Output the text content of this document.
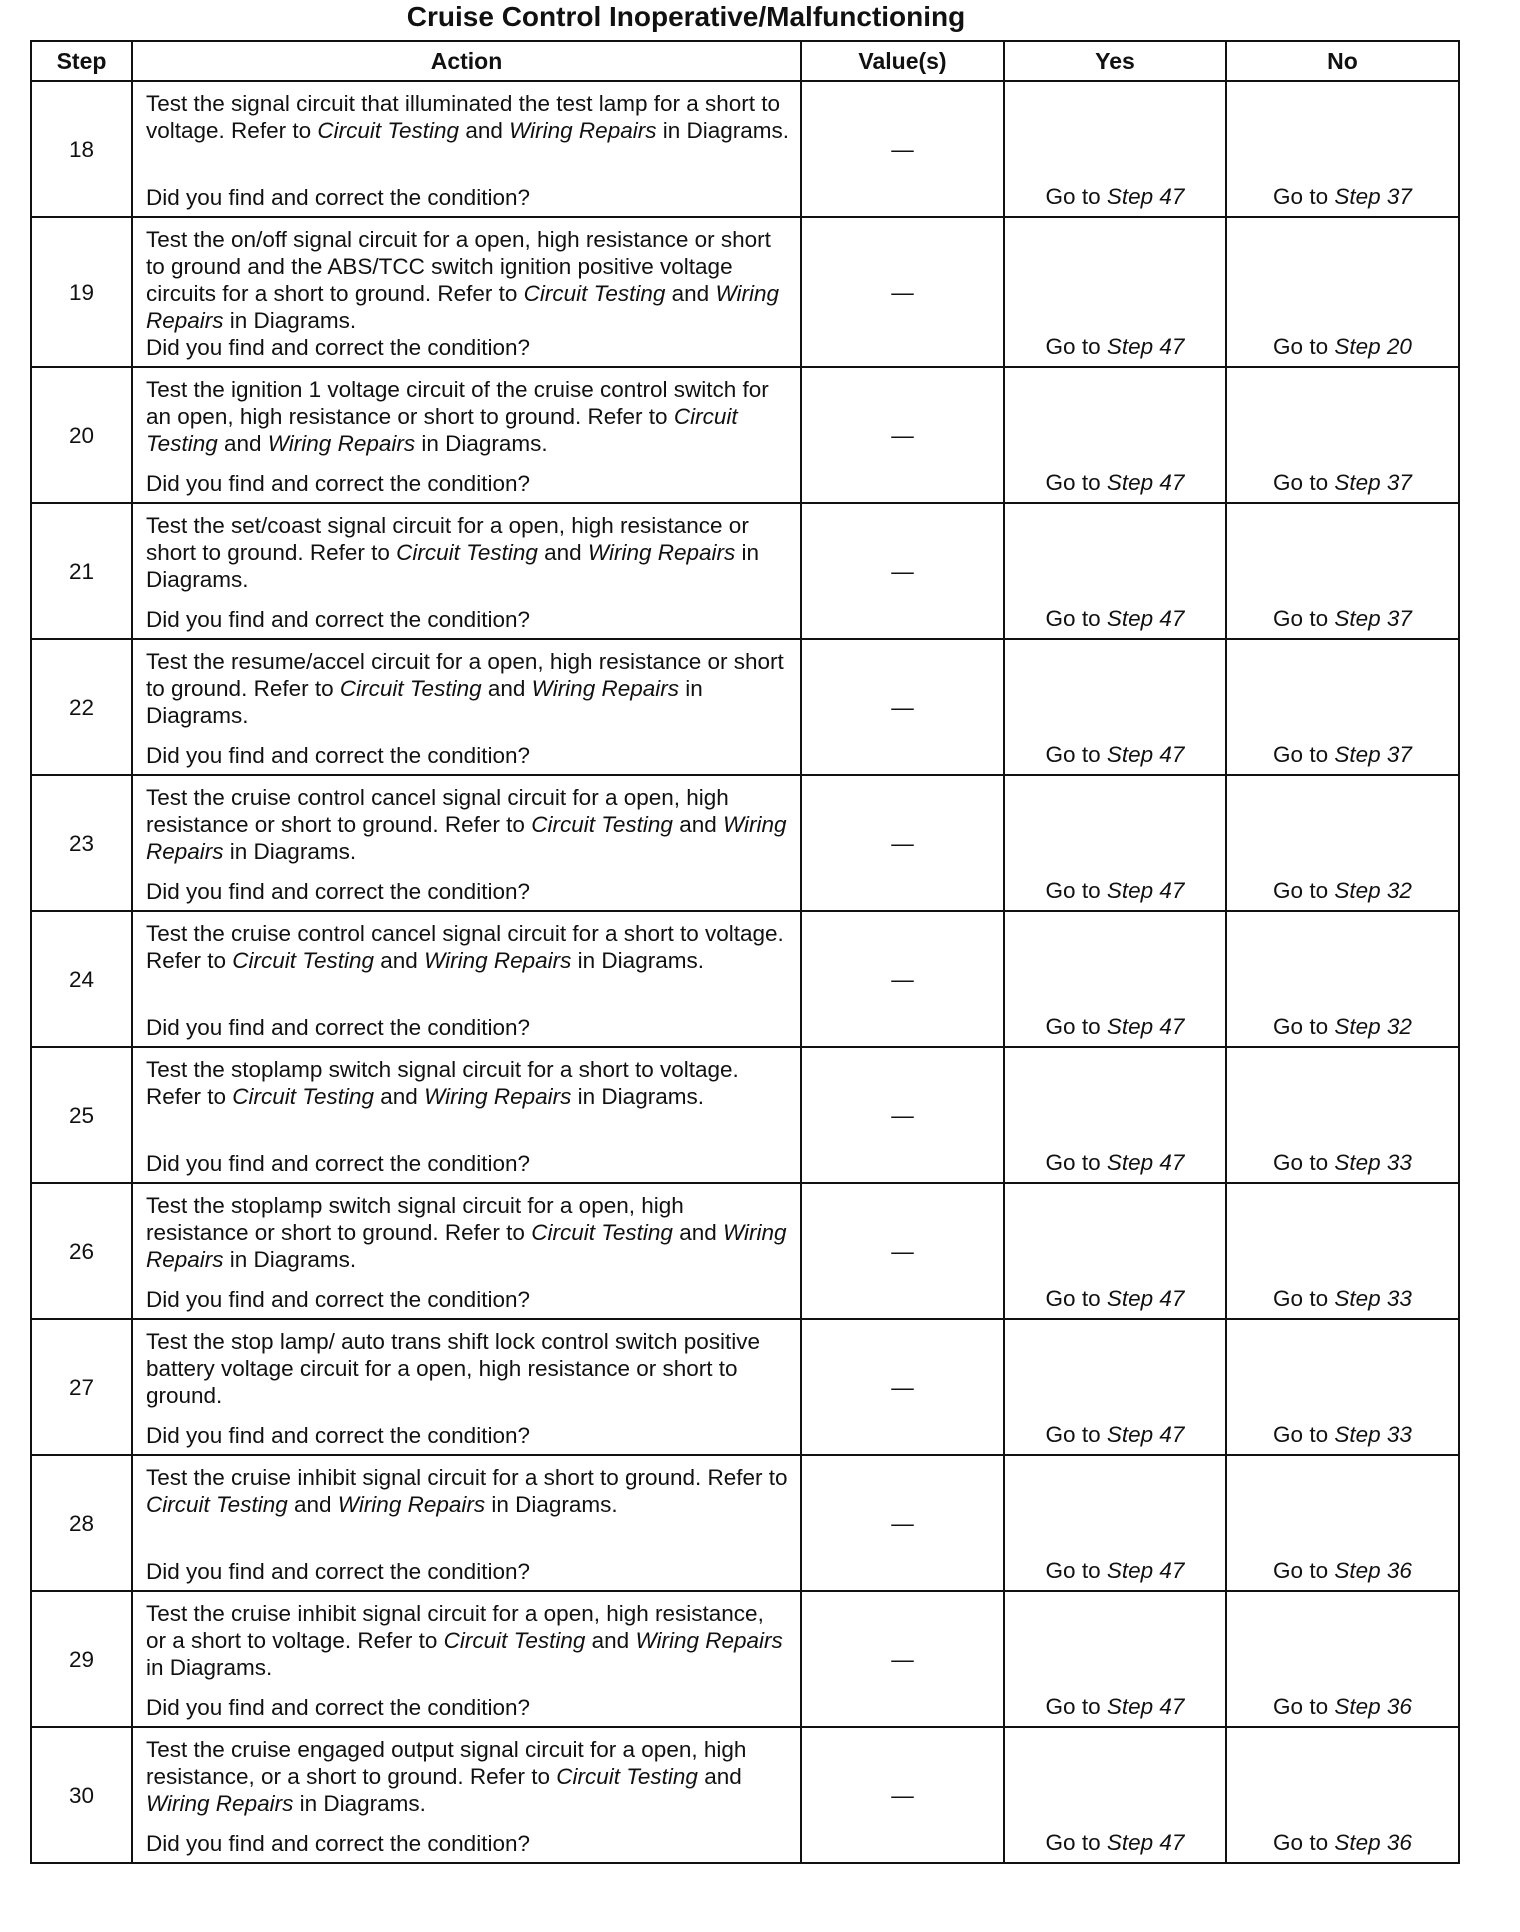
Cruise Control Inoperative/Malfunctioning
Step	Action	Value(s)	Yes	No
18	Test the signal circuit that illuminated the test lamp for a short to voltage. Refer to Circuit Testing and Wiring Repairs in Diagrams.
Did you find and correct the condition?	—	Go to Step 47	Go to Step 37
19	Test the on/off signal circuit for a open, high resistance or short to ground and the ABS/TCC switch ignition positive voltage circuits for a short to ground. Refer to Circuit Testing and Wiring Repairs in Diagrams.
Did you find and correct the condition?	—	Go to Step 47	Go to Step 20
20	Test the ignition 1 voltage circuit of the cruise control switch for an open, high resistance or short to ground. Refer to Circuit Testing and Wiring Repairs in Diagrams.
Did you find and correct the condition?	—	Go to Step 47	Go to Step 37
21	Test the set/coast signal circuit for a open, high resistance or short to ground. Refer to Circuit Testing and Wiring Repairs in Diagrams.
Did you find and correct the condition?	—	Go to Step 47	Go to Step 37
22	Test the resume/accel circuit for a open, high resistance or short to ground. Refer to Circuit Testing and Wiring Repairs in Diagrams.
Did you find and correct the condition?	—	Go to Step 47	Go to Step 37
23	Test the cruise control cancel signal circuit for a open, high resistance or short to ground. Refer to Circuit Testing and Wiring Repairs in Diagrams.
Did you find and correct the condition?	—	Go to Step 47	Go to Step 32
24	Test the cruise control cancel signal circuit for a short to voltage. Refer to Circuit Testing and Wiring Repairs in Diagrams.
Did you find and correct the condition?	—	Go to Step 47	Go to Step 32
25	Test the stoplamp switch signal circuit for a short to voltage. Refer to Circuit Testing and Wiring Repairs in Diagrams.
Did you find and correct the condition?	—	Go to Step 47	Go to Step 33
26	Test the stoplamp switch signal circuit for a open, high resistance or short to ground. Refer to Circuit Testing and Wiring Repairs in Diagrams.
Did you find and correct the condition?	—	Go to Step 47	Go to Step 33
27	Test the stop lamp/ auto trans shift lock control switch positive battery voltage circuit for a open, high resistance or short to ground.
Did you find and correct the condition?	—	Go to Step 47	Go to Step 33
28	Test the cruise inhibit signal circuit for a short to ground. Refer to Circuit Testing and Wiring Repairs in Diagrams.
Did you find and correct the condition?	—	Go to Step 47	Go to Step 36
29	Test the cruise inhibit signal circuit for a open, high resistance, or a short to voltage. Refer to Circuit Testing and Wiring Repairs in Diagrams.
Did you find and correct the condition?	—	Go to Step 47	Go to Step 36
30	Test the cruise engaged output signal circuit for a open, high resistance, or a short to ground. Refer to Circuit Testing and Wiring Repairs in Diagrams.
Did you find and correct the condition?	—	Go to Step 47	Go to Step 36
